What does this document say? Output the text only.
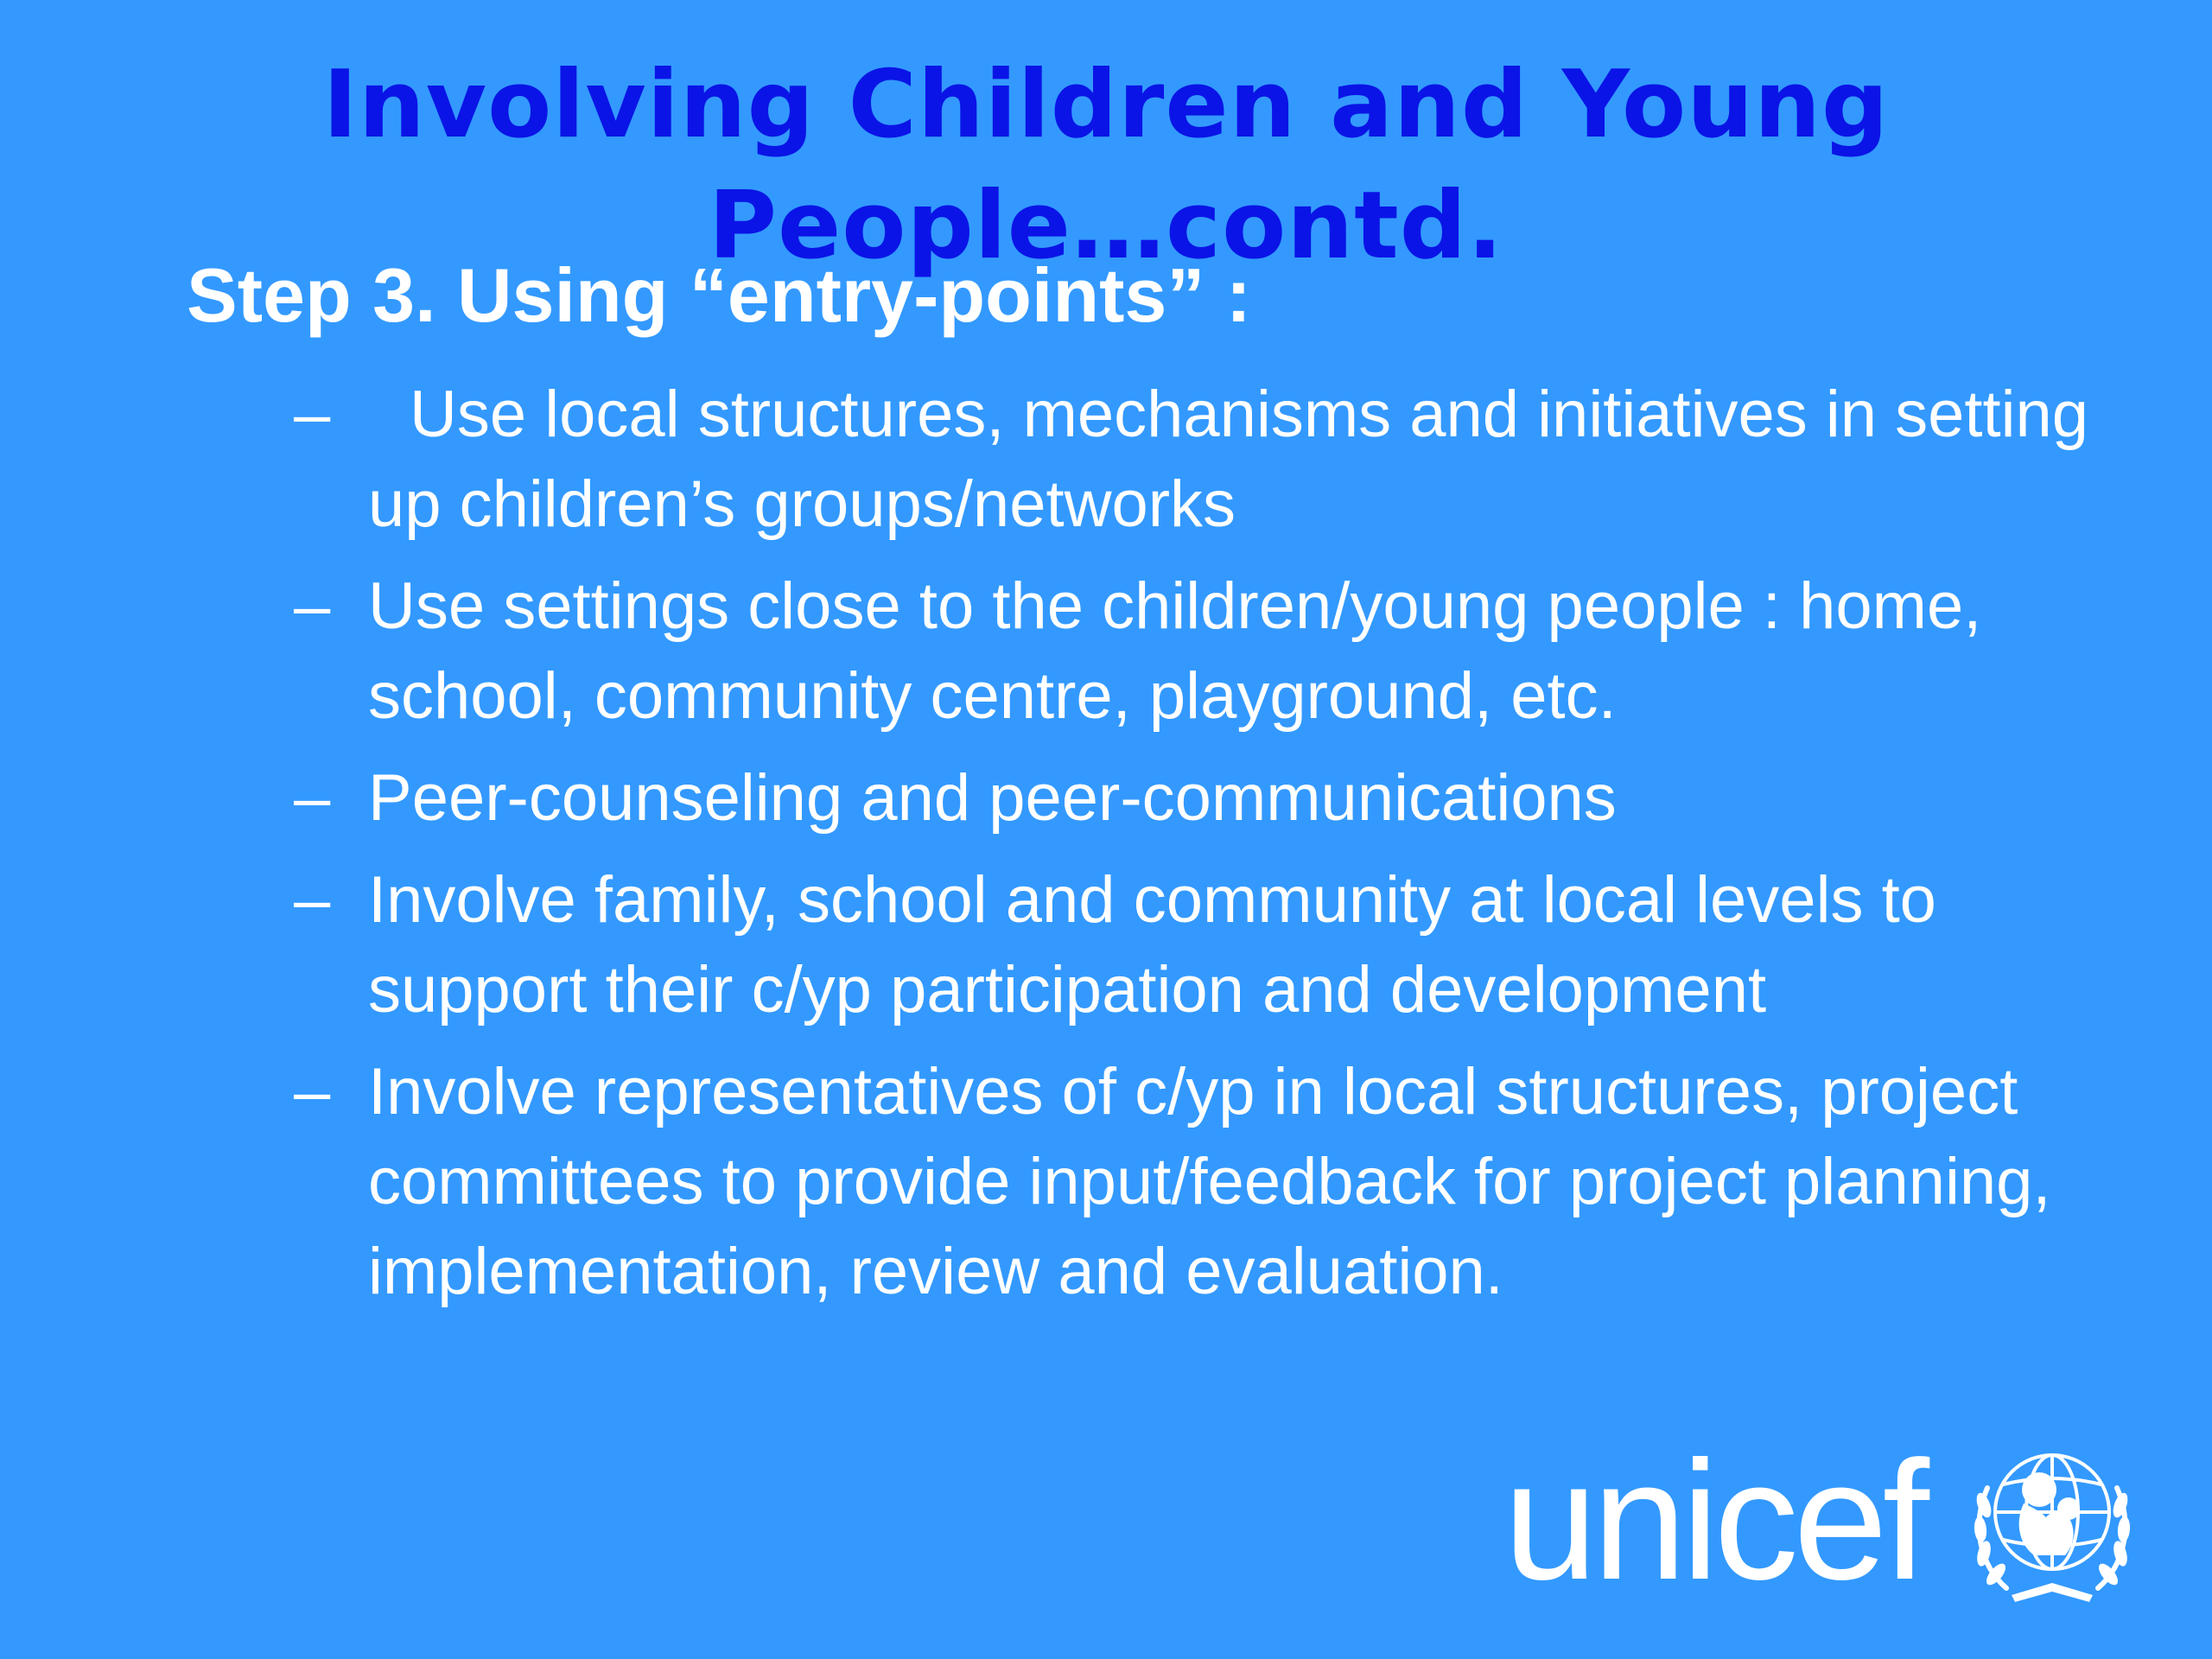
Involving Children and Young
People…contd.
Step 3. Using “entry-points” :
– Use local structures, mechanisms and initiatives in setting up children’s groups/networks
– Use settings close to the children/young people : home, school, community centre, playground, etc.
– Peer-counseling and peer-communications
– Involve family, school and community at local levels to support their c/yp participation and development
– Involve representatives of c/yp in local structures, project committees to provide input/feedback for project planning, implementation, review and evaluation.
unicef
